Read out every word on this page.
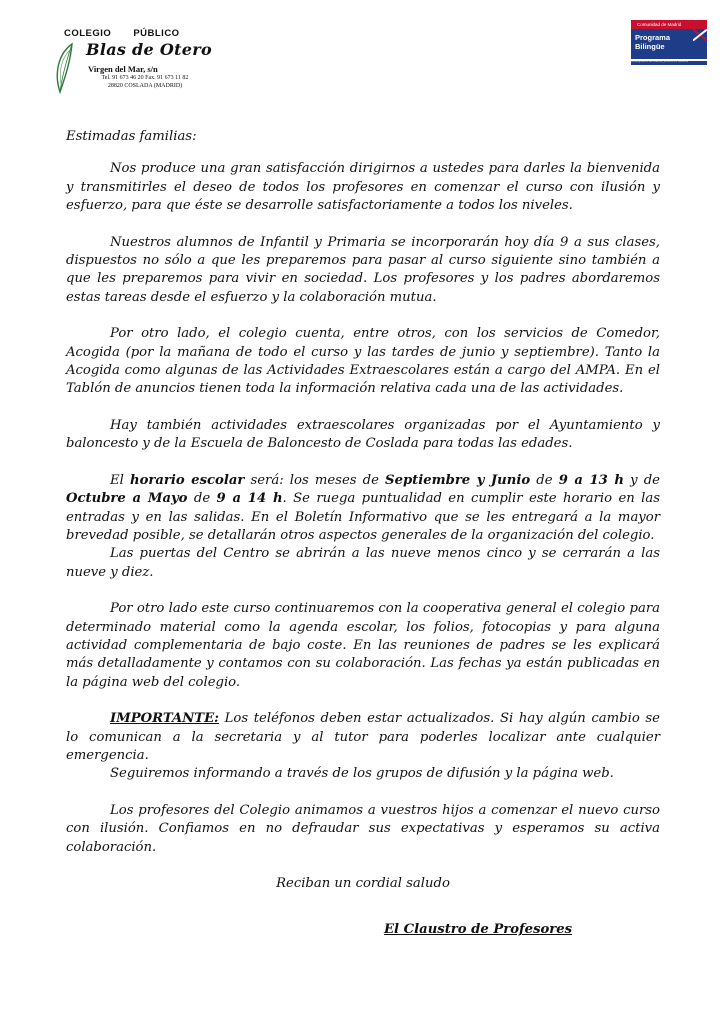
COLEGIO PÚBLICO
Blas de Otero
Virgen del Mar, s/n
Tel. 91 673 46 20 Fax. 91 673 11 82
28820 COSLADA (MADRID)
Comunidad de Madrid
Programa
Bilingüe
CONSEJERÍA DE EDUCACIÓN, JUVENTUD Y DEPORTE

Estimadas familias:

Nos produce una gran satisfacción dirigirnos a ustedes para darles la bienvenida y transmitirles el deseo de todos los profesores en comenzar el curso con ilusión y esfuerzo, para que éste se desarrolle satisfactoriamente a todos los niveles.

Nuestros alumnos de Infantil y Primaria se incorporarán hoy día 9 a sus clases, dispuestos no sólo a que les preparemos para pasar al curso siguiente sino también a que les preparemos para vivir en sociedad. Los profesores y los padres abordaremos estas tareas desde el esfuerzo y la colaboración mutua.

Por otro lado, el colegio cuenta, entre otros, con los servicios de Comedor, Acogida (por la mañana de todo el curso y las tardes de junio y septiembre). Tanto la Acogida como algunas de las Actividades Extraescolares están a cargo del AMPA. En el Tablón de anuncios tienen toda la información relativa cada una de las actividades.

Hay también actividades extraescolares organizadas por el Ayuntamiento y baloncesto y de la Escuela de Baloncesto de Coslada para todas las edades.

El horario escolar será: los meses de Septiembre y Junio de 9 a 13 h y de Octubre a Mayo de 9 a 14 h. Se ruega puntualidad en cumplir este horario en las entradas y en las salidas. En el Boletín Informativo que se les entregará a la mayor brevedad posible, se detallarán otros aspectos generales de la organización del colegio.

Las puertas del Centro se abrirán a las nueve menos cinco y se cerrarán a las nueve y diez.

Por otro lado este curso continuaremos con la cooperativa general el colegio para determinado material como la agenda escolar, los folios, fotocopias y para alguna actividad complementaria de bajo coste. En las reuniones de padres se les explicará más detalladamente y contamos con su colaboración. Las fechas ya están publicadas en la página web del colegio.

IMPORTANTE: Los teléfonos deben estar actualizados. Si hay algún cambio se lo comunican a la secretaria y al tutor para poderles localizar ante cualquier emergencia.

Seguiremos informando a través de los grupos de difusión y la página web.

Los profesores del Colegio animamos a vuestros hijos a comenzar el nuevo curso con ilusión. Confiamos en no defraudar sus expectativas y esperamos su activa colaboración.

Reciban un cordial saludo

El Claustro de Profesores
